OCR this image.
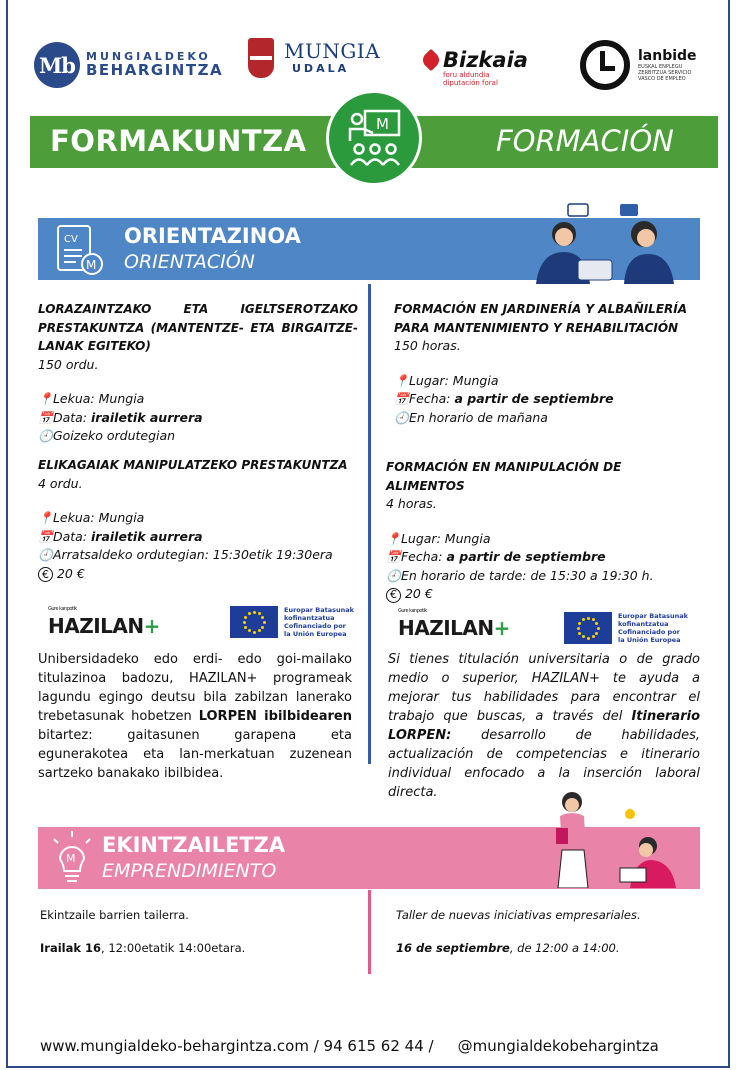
Mb	MUNGIALDEKO
BEHARGINTZA
MUNGIA
UDALA	Bizkaia
foru aldundia
diputación foral
lanbide
EUSKAL ENPLEGU ZERBITZUA SERVICIO VASCO DE EMPLEO
FORMAKUNTZA	FORMACIÓN
M
CV
M
ORIENTAZINOA
ORIENTACIÓN
LORAZAINTZAKO ETA IGELTSEROTZAKO PRESTAKUNTZA (MANTENTZE- ETA BIRGAITZE-LANAK EGITEKO)
150 ordu.
📍Lekua: Mungia
📅Data: irailetik aurrera
🕘Goizeko ordutegian
ELIKAGAIAK MANIPULATZEKO PRESTAKUNTZA
4 ordu.
📍Lekua: Mungia
📅Data: irailetik aurrera
🕘Arratsaldeko ordutegian: 15:30etik 19:30era
€ 20 €
Gure kanpotik
HAZILAN+
Europar Batasunak
kofinantzatua
Cofinanciado por
la Unión Europea
Unibersidadeko edo erdi- edo goi-mailako titulazinoa badozu, HAZILAN+ programeak lagundu egingo deutsu bila zabilzan lanerako trebetasunak hobetzen LORPEN ibilbidearen bitartez: gaitasunen garapena eta egunerakotea eta lan-merkatuan zuzenean sartzeko banakako ibilbidea.
FORMACIÓN EN JARDINERÍA Y ALBAÑILERÍA PARA MANTENIMIENTO Y REHABILITACIÓN
150 horas.
📍Lugar: Mungia
📅Fecha: a partir de septiembre
🕘En horario de mañana
FORMACIÓN EN MANIPULACIÓN DE ALIMENTOS
4 horas.
📍Lugar: Mungia
📅Fecha: a partir de septiembre
🕘En horario de tarde: de 15:30 a 19:30 h.
€ 20 €
Gure kanpotik
HAZILAN+	Europar Batasunak
kofinantzatua
Cofinanciado por
la Unión Europea
Si tienes titulación universitaria o de grado medio o superior, HAZILAN+ te ayuda a mejorar tus habilidades para encontrar el trabajo que buscas, a través del Itinerario LORPEN: desarrollo de habilidades, actualización de competencias e itinerario individual enfocado a la inserción laboral directa.
M
EKINTZAILETZA
EMPRENDIMIENTO
Ekintzaile barrien tailerra.
Irailak 16, 12:00etatik 14:00etara.
Taller de nuevas iniciativas empresariales.
16 de septiembre, de 12:00 a 14:00.
www.mungialdeko-behargintza.com / 94 615 62 44 / @mungialdekobehargintza
